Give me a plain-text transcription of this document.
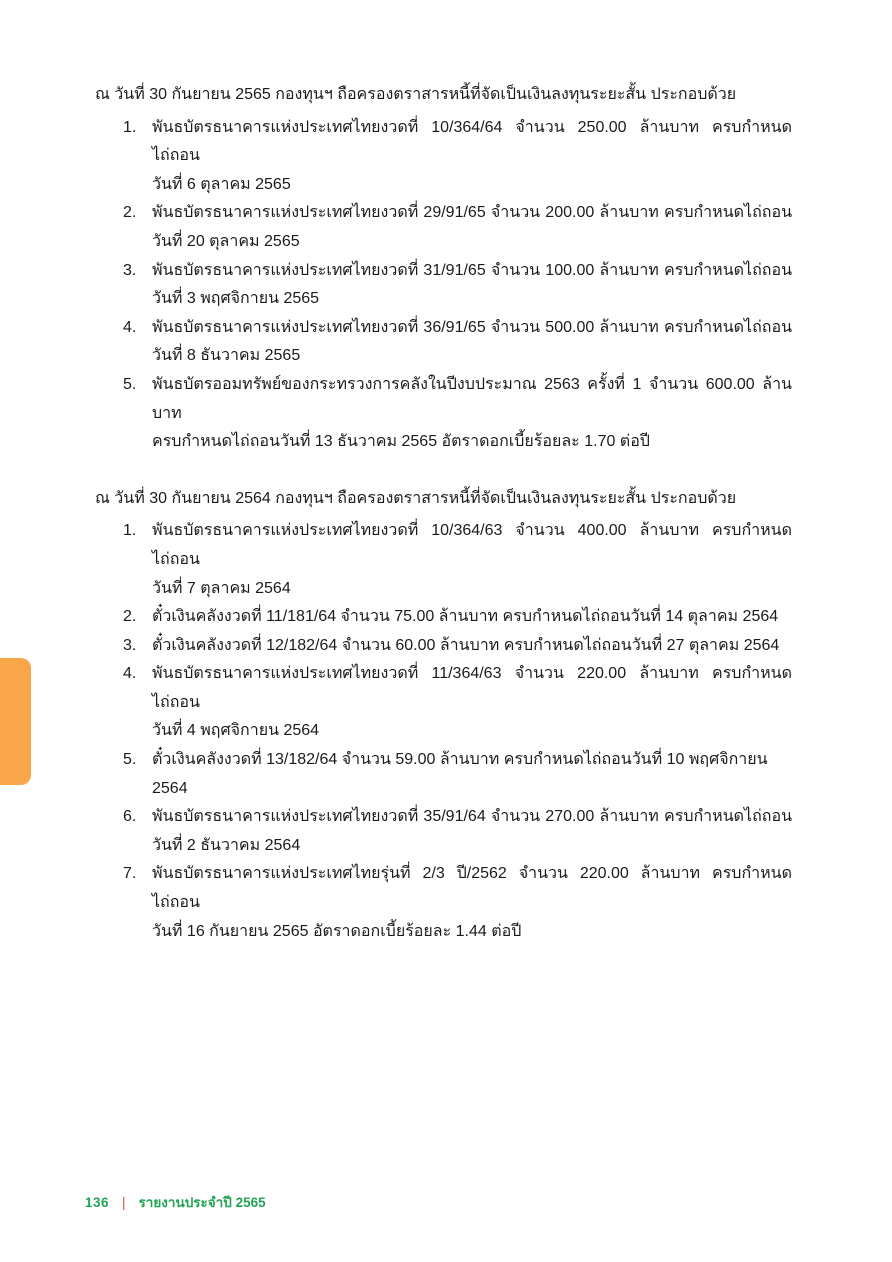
ณ วันที่ 30 กันยายน 2565 กองทุนฯ ถือครองตราสารหนี้ที่จัดเป็นเงินลงทุนระยะสั้น ประกอบด้วย

1. พันธบัตรธนาคารแห่งประเทศไทยงวดที่ 10/364/64 จำนวน 250.00 ล้านบาท ครบกำหนดไถ่ถอน
วันที่ 6 ตุลาคม 2565
2. พันธบัตรธนาคารแห่งประเทศไทยงวดที่ 29/91/65 จำนวน 200.00 ล้านบาท ครบกำหนดไถ่ถอน
วันที่ 20 ตุลาคม 2565
3. พันธบัตรธนาคารแห่งประเทศไทยงวดที่ 31/91/65 จำนวน 100.00 ล้านบาท ครบกำหนดไถ่ถอน
วันที่ 3 พฤศจิกายน 2565
4. พันธบัตรธนาคารแห่งประเทศไทยงวดที่ 36/91/65 จำนวน 500.00 ล้านบาท ครบกำหนดไถ่ถอน
วันที่ 8 ธันวาคม 2565
5. พันธบัตรออมทรัพย์ของกระทรวงการคลังในปีงบประมาณ 2563 ครั้งที่ 1 จำนวน 600.00 ล้านบาท
ครบกำหนดไถ่ถอนวันที่ 13 ธันวาคม 2565 อัตราดอกเบี้ยร้อยละ 1.70 ต่อปี

ณ วันที่ 30 กันยายน 2564 กองทุนฯ ถือครองตราสารหนี้ที่จัดเป็นเงินลงทุนระยะสั้น ประกอบด้วย

1. พันธบัตรธนาคารแห่งประเทศไทยงวดที่ 10/364/63 จำนวน 400.00 ล้านบาท ครบกำหนดไถ่ถอน
วันที่ 7 ตุลาคม 2564
2. ตั๋วเงินคลังงวดที่ 11/181/64 จำนวน 75.00 ล้านบาท ครบกำหนดไถ่ถอนวันที่ 14 ตุลาคม 2564
3. ตั๋วเงินคลังงวดที่ 12/182/64 จำนวน 60.00 ล้านบาท ครบกำหนดไถ่ถอนวันที่ 27 ตุลาคม 2564
4. พันธบัตรธนาคารแห่งประเทศไทยงวดที่ 11/364/63 จำนวน 220.00 ล้านบาท ครบกำหนดไถ่ถอน
วันที่ 4 พฤศจิกายน 2564
5. ตั๋วเงินคลังงวดที่ 13/182/64 จำนวน 59.00 ล้านบาท ครบกำหนดไถ่ถอนวันที่ 10 พฤศจิกายน 2564
6. พันธบัตรธนาคารแห่งประเทศไทยงวดที่ 35/91/64 จำนวน 270.00 ล้านบาท ครบกำหนดไถ่ถอน
วันที่ 2 ธันวาคม 2564
7. พันธบัตรธนาคารแห่งประเทศไทยรุ่นที่ 2/3 ปี/2562 จำนวน 220.00 ล้านบาท ครบกำหนดไถ่ถอน
วันที่ 16 กันยายน 2565 อัตราดอกเบี้ยร้อยละ 1.44 ต่อปี
136 | รายงานประจำปี 2565
